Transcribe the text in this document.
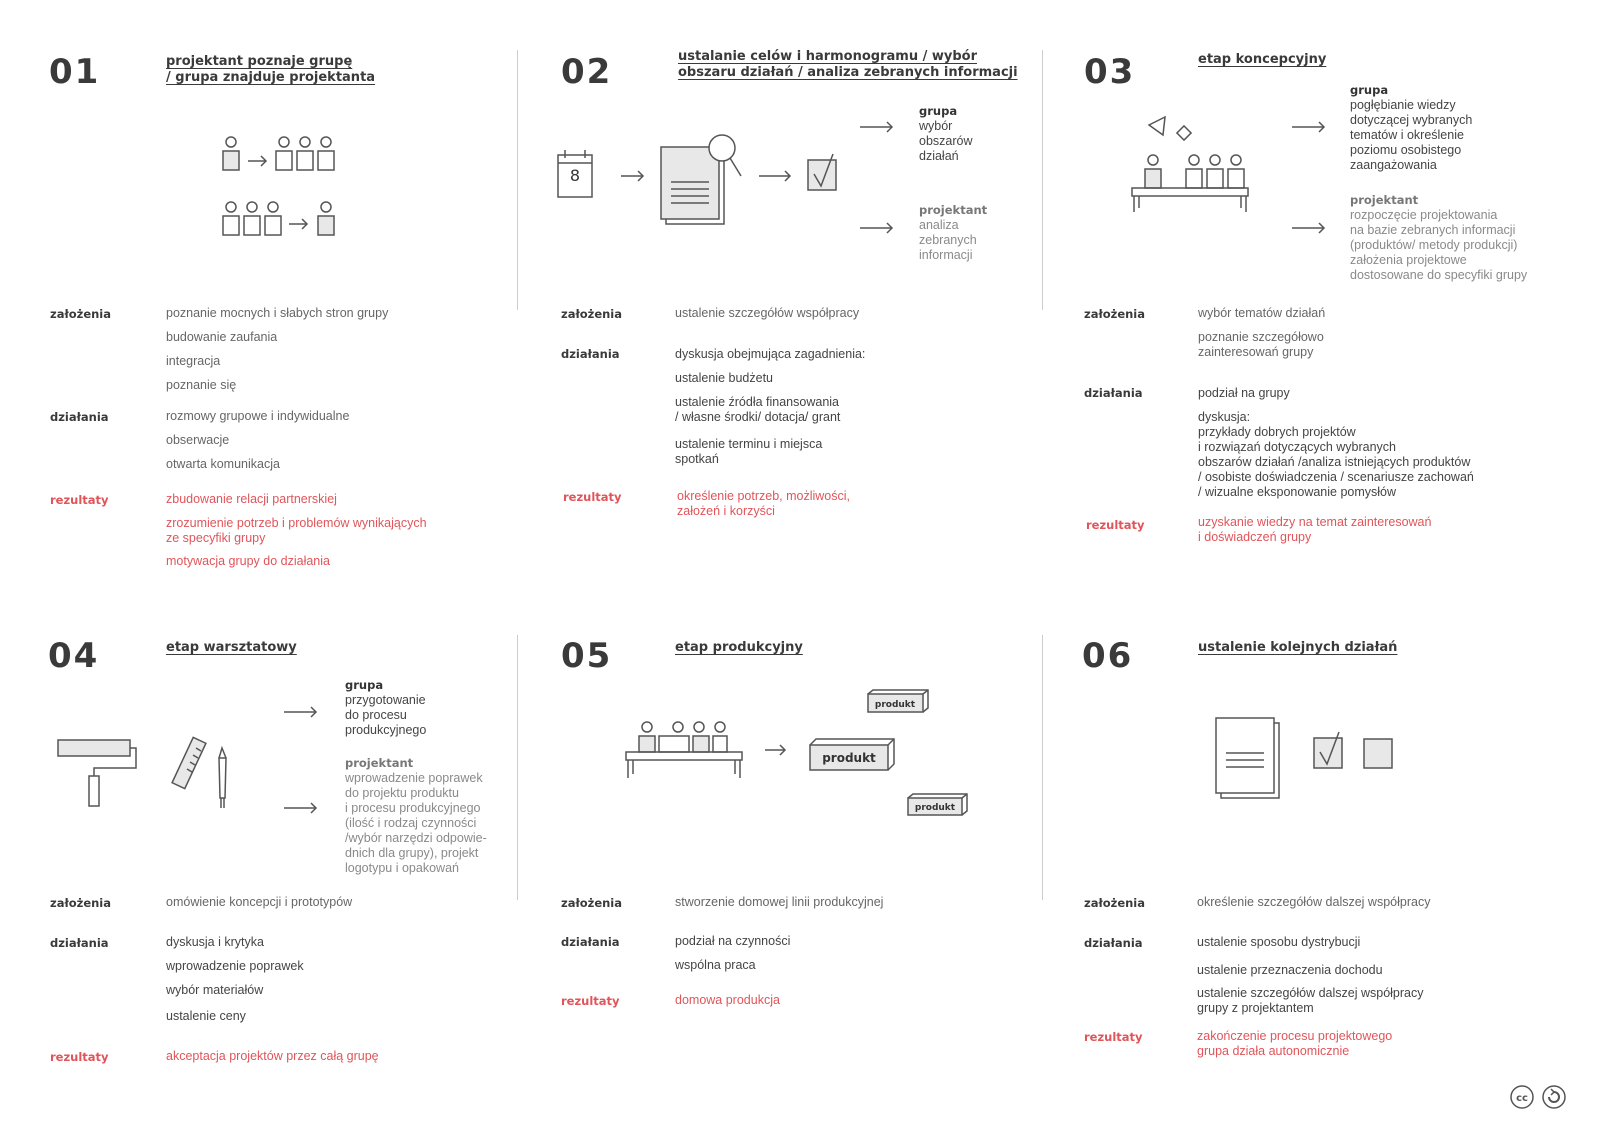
01	projektant poznaje grupę
/ grupa znajduje projektanta
założenia	poznanie mocnych i słabych stron grupy
budowanie zaufania
integracja
poznanie się
działania	rozmowy grupowe i indywidualne
obserwacje
otwarta komunikacja
rezultaty	zbudowanie relacji partnerskiej
zrozumienie potrzeb i problemów wynikających
ze specyfiki grupy
motywacja grupy do działania
02	ustalanie celów i harmonogramu / wybór
obszaru działań / analiza zebranych informacji
8
grupa
wybór
obszarów
działań
projektant
analiza
zebranych
informacji
założenia	ustalenie szczegółów współpracy
działania	dyskusja obejmująca zagadnienia:
ustalenie budżetu
ustalenie źródła finansowania
/ własne środki/ dotacja/ grant
ustalenie terminu i miejsca
spotkań
rezultaty	określenie potrzeb, możliwości,
założeń i korzyści
03	etap koncepcyjny
grupa
pogłębianie wiedzy
dotyczącej wybranych
tematów i określenie
poziomu osobistego
zaangażowania
projektant
rozpoczęcie projektowania
na bazie zebranych informacji
(produktów/ metody produkcji)
założenia projektowe
dostosowane do specyfiki grupy
założenia	wybór tematów działań
poznanie szczegółowo
zainteresowań grupy
działania	podział na grupy
dyskusja:
przykłady dobrych projektów
i rozwiązań dotyczących wybranych
obszarów działań /analiza istniejących produktów
/ osobiste doświadczenia / scenariusze zachowań
/ wizualne eksponowanie pomysłów
rezultaty	uzyskanie wiedzy na temat zainteresowań
i doświadczeń grupy
04	etap warsztatowy
grupa
przygotowanie
do procesu
produkcyjnego
projektant
wprowadzenie poprawek
do projektu produktu
i procesu produkcyjnego
(ilość i rodzaj czynności
/wybór narzędzi odpowie-
dnich dla grupy), projekt
logotypu i opakowań
założenia	omówienie koncepcji i prototypów
działania	dyskusja i krytyka
wprowadzenie poprawek
wybór materiałów
ustalenie ceny
rezultaty	akceptacja projektów przez całą grupę
05	etap produkcyjny
produkt
produkt
produkt
założenia	stworzenie domowej linii produkcyjnej
działania	podział na czynności
wspólna praca
rezultaty	domowa produkcja
06	ustalenie kolejnych działań
założenia	określenie szczegółów dalszej współpracy
działania	ustalenie sposobu dystrybucji
ustalenie przeznaczenia dochodu
ustalenie szczegółów dalszej współpracy
grupy z projektantem
rezultaty	zakończenie procesu projektowego
grupa działa autonomicznie
cc
